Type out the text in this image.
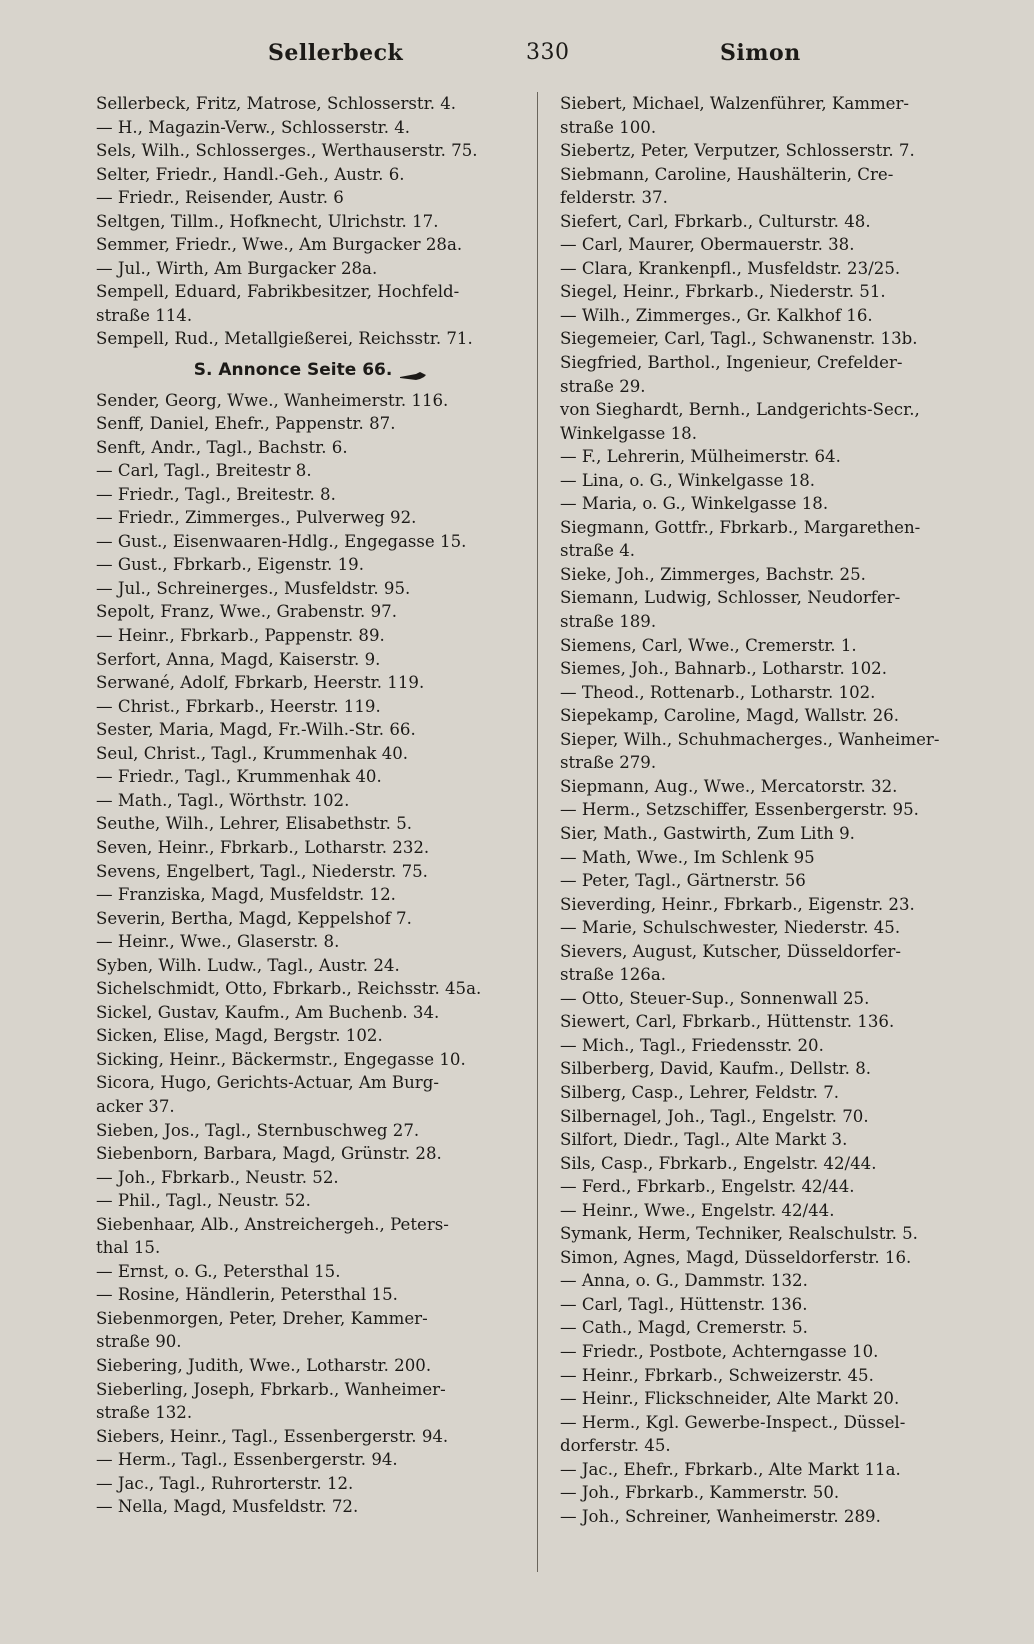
Sellerbeck	330	Simon
Sellerbeck, Fritz, Matrose, Schlosserstr. 4.
— H., Magazin-Verw., Schlosserstr. 4.
Sels, Wilh., Schlosserges., Werthauserstr. 75.
Selter, Friedr., Handl.-Geh., Austr. 6.
— Friedr., Reisender, Austr. 6
Seltgen, Tillm., Hofknecht, Ulrichstr. 17.
Semmer, Friedr., Wwe., Am Burgacker 28a.
— Jul., Wirth, Am Burgacker 28a.
Sempell, Eduard, Fabrikbesitzer, Hochfeld-
straße 114.
Sempell, Rud., Metallgießerei, Reichsstr. 71.
S. Annonce Seite 66.
Sender, Georg, Wwe., Wanheimerstr. 116.
Senff, Daniel, Ehefr., Pappenstr. 87.
Senft, Andr., Tagl., Bachstr. 6.
— Carl, Tagl., Breitestr 8.
— Friedr., Tagl., Breitestr. 8.
— Friedr., Zimmerges., Pulverweg 92.
— Gust., Eisenwaaren-Hdlg., Engegasse 15.
— Gust., Fbrkarb., Eigenstr. 19.
— Jul., Schreinerges., Musfeldstr. 95.
Sepolt, Franz, Wwe., Grabenstr. 97.
— Heinr., Fbrkarb., Pappenstr. 89.
Serfort, Anna, Magd, Kaiserstr. 9.
Serwané, Adolf, Fbrkarb, Heerstr. 119.
— Christ., Fbrkarb., Heerstr. 119.
Sester, Maria, Magd, Fr.-Wilh.-Str. 66.
Seul, Christ., Tagl., Krummenhak 40.
— Friedr., Tagl., Krummenhak 40.
— Math., Tagl., Wörthstr. 102.
Seuthe, Wilh., Lehrer, Elisabethstr. 5.
Seven, Heinr., Fbrkarb., Lotharstr. 232.
Sevens, Engelbert, Tagl., Niederstr. 75.
— Franziska, Magd, Musfeldstr. 12.
Severin, Bertha, Magd, Keppelshof 7.
— Heinr., Wwe., Glaserstr. 8.
Syben, Wilh. Ludw., Tagl., Austr. 24.
Sichelschmidt, Otto, Fbrkarb., Reichsstr. 45a.
Sickel, Gustav, Kaufm., Am Buchenb. 34.
Sicken, Elise, Magd, Bergstr. 102.
Sicking, Heinr., Bäckermstr., Engegasse 10.
Sicora, Hugo, Gerichts-Actuar, Am Burg-
acker 37.
Sieben, Jos., Tagl., Sternbuschweg 27.
Siebenborn, Barbara, Magd, Grünstr. 28.
— Joh., Fbrkarb., Neustr. 52.
— Phil., Tagl., Neustr. 52.
Siebenhaar, Alb., Anstreichergeh., Peters-
thal 15.
— Ernst, o. G., Petersthal 15.
— Rosine, Händlerin, Petersthal 15.
Siebenmorgen, Peter, Dreher, Kammer-
straße 90.
Siebering, Judith, Wwe., Lotharstr. 200.
Sieberling, Joseph, Fbrkarb., Wanheimer-
straße 132.
Siebers, Heinr., Tagl., Essenbergerstr. 94.
— Herm., Tagl., Essenbergerstr. 94.
— Jac., Tagl., Ruhrorterstr. 12.
— Nella, Magd, Musfeldstr. 72.
Siebert, Michael, Walzenführer, Kammer-
straße 100.
Siebertz, Peter, Verputzer, Schlosserstr. 7.
Siebmann, Caroline, Haushälterin, Cre-
felderstr. 37.
Siefert, Carl, Fbrkarb., Culturstr. 48.
— Carl, Maurer, Obermauerstr. 38.
— Clara, Krankenpfl., Musfeldstr. 23/25.
Siegel, Heinr., Fbrkarb., Niederstr. 51.
— Wilh., Zimmerges., Gr. Kalkhof 16.
Siegemeier, Carl, Tagl., Schwanenstr. 13b.
Siegfried, Barthol., Ingenieur, Crefelder-
straße 29.
von Sieghardt, Bernh., Landgerichts-Secr.,
Winkelgasse 18.
— F., Lehrerin, Mülheimerstr. 64.
— Lina, o. G., Winkelgasse 18.
— Maria, o. G., Winkelgasse 18.
Siegmann, Gottfr., Fbrkarb., Margarethen-
straße 4.
Sieke, Joh., Zimmerges, Bachstr. 25.
Siemann, Ludwig, Schlosser, Neudorfer-
straße 189.
Siemens, Carl, Wwe., Cremerstr. 1.
Siemes, Joh., Bahnarb., Lotharstr. 102.
— Theod., Rottenarb., Lotharstr. 102.
Siepekamp, Caroline, Magd, Wallstr. 26.
Sieper, Wilh., Schuhmacherges., Wanheimer-
straße 279.
Siepmann, Aug., Wwe., Mercatorstr. 32.
— Herm., Setzschiffer, Essenbergerstr. 95.
Sier, Math., Gastwirth, Zum Lith 9.
— Math, Wwe., Im Schlenk 95
— Peter, Tagl., Gärtnerstr. 56
Sieverding, Heinr., Fbrkarb., Eigenstr. 23.
— Marie, Schulschwester, Niederstr. 45.
Sievers, August, Kutscher, Düsseldorfer-
straße 126a.
— Otto, Steuer-Sup., Sonnenwall 25.
Siewert, Carl, Fbrkarb., Hüttenstr. 136.
— Mich., Tagl., Friedensstr. 20.
Silberberg, David, Kaufm., Dellstr. 8.
Silberg, Casp., Lehrer, Feldstr. 7.
Silbernagel, Joh., Tagl., Engelstr. 70.
Silfort, Diedr., Tagl., Alte Markt 3.
Sils, Casp., Fbrkarb., Engelstr. 42/44.
— Ferd., Fbrkarb., Engelstr. 42/44.
— Heinr., Wwe., Engelstr. 42/44.
Symank, Herm, Techniker, Realschulstr. 5.
Simon, Agnes, Magd, Düsseldorferstr. 16.
— Anna, o. G., Dammstr. 132.
— Carl, Tagl., Hüttenstr. 136.
— Cath., Magd, Cremerstr. 5.
— Friedr., Postbote, Achterngasse 10.
— Heinr., Fbrkarb., Schweizerstr. 45.
— Heinr., Flickschneider, Alte Markt 20.
— Herm., Kgl. Gewerbe-Inspect., Düssel-
dorferstr. 45.
— Jac., Ehefr., Fbrkarb., Alte Markt 11a.
— Joh., Fbrkarb., Kammerstr. 50.
— Joh., Schreiner, Wanheimerstr. 289.
